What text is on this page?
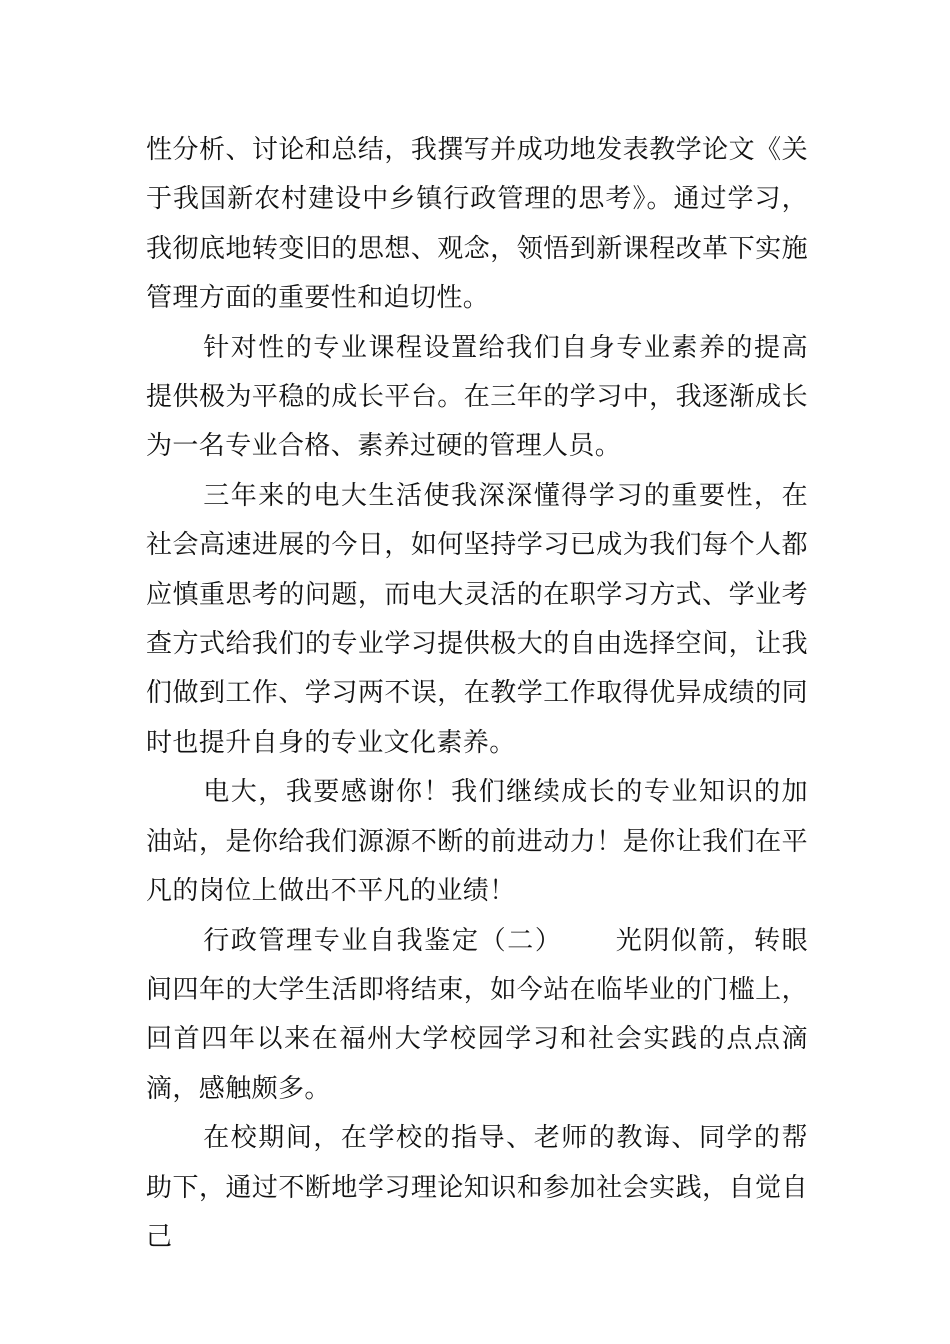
性分析、讨论和总结，我撰写并成功地发表教学论文《关于我国新农村建设中乡镇行政管理的思考》。通过学习，我彻底地转变旧的思想、观念，领悟到新课程改革下实施管理方面的重要性和迫切性。

针对性的专业课程设置给我们自身专业素养的提高提供极为平稳的成长平台。在三年的学习中，我逐渐成长为一名专业合格、素养过硬的管理人员。

三年来的电大生活使我深深懂得学习的重要性，在社会高速进展的今日，如何坚持学习已成为我们每个人都应慎重思考的问题，而电大灵活的在职学习方式、学业考查方式给我们的专业学习提供极大的自由选择空间，让我们做到工作、学习两不误，在教学工作取得优异成绩的同时也提升自身的专业文化素养。

电大，我要感谢你！我们继续成长的专业知识的加油站，是你给我们源源不断的前进动力！是你让我们在平凡的岗位上做出不平凡的业绩！

行政管理专业自我鉴定（二） 光阴似箭，转眼间四年的大学生活即将结束，如今站在临毕业的门槛上，回首四年以来在福州大学校园学习和社会实践的点点滴滴，感触颇多。

在校期间，在学校的指导、老师的教诲、同学的帮助下，通过不断地学习理论知识和参加社会实践，自觉自己
